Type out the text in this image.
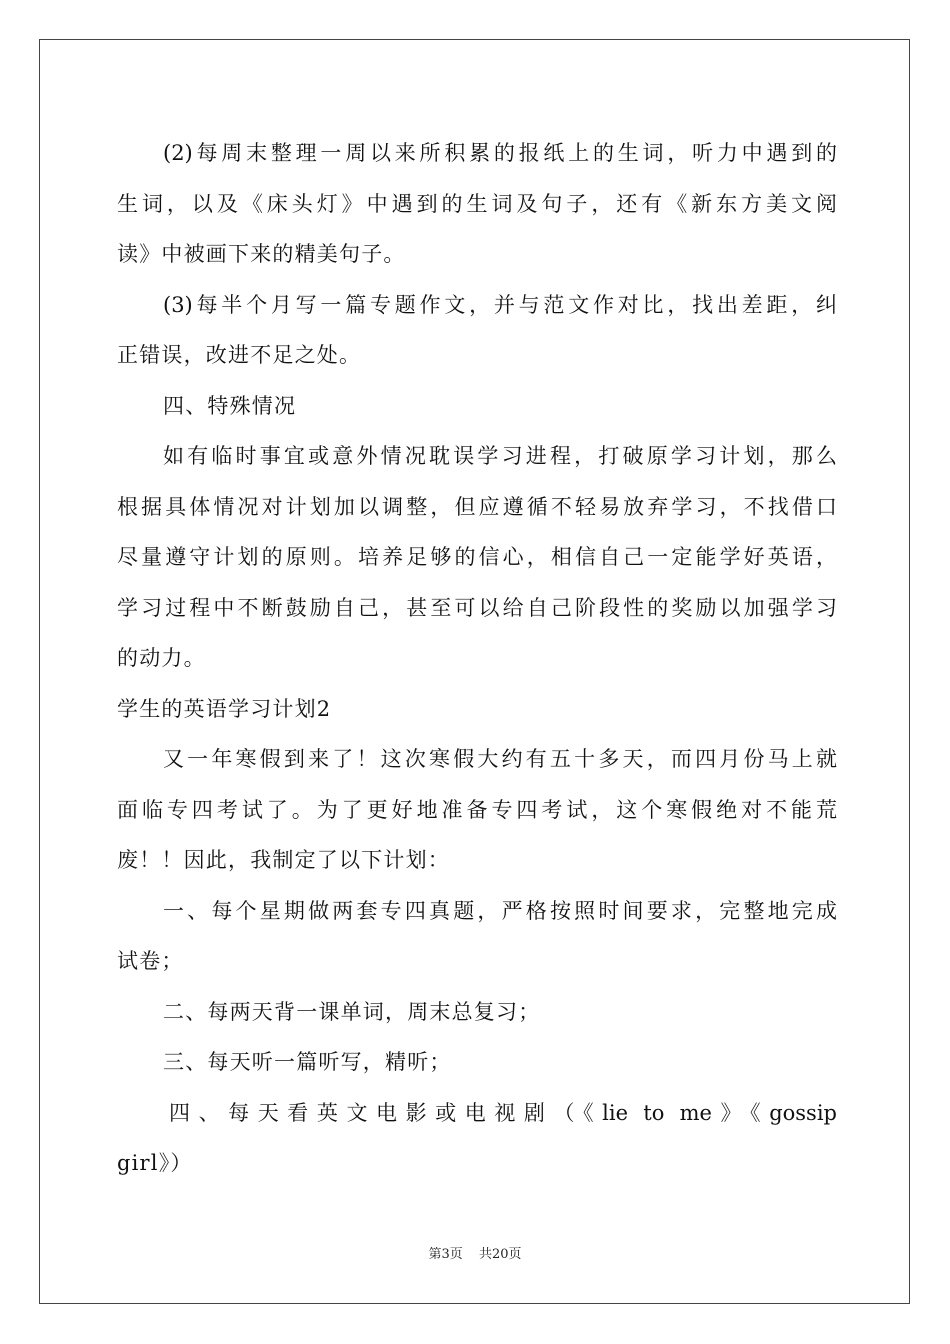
(2)每周末整理一周以来所积累的报纸上的生词，听力中遇到的
生词，以及《床头灯》中遇到的生词及句子，还有《新东方美文阅
读》中被画下来的精美句子。
(3)每半个月写一篇专题作文，并与范文作对比，找出差距，纠
正错误，改进不足之处。
四、特殊情况
如有临时事宜或意外情况耽误学习进程，打破原学习计划，那么
根据具体情况对计划加以调整，但应遵循不轻易放弃学习，不找借口
尽量遵守计划的原则。培养足够的信心，相信自己一定能学好英语，
学习过程中不断鼓励自己，甚至可以给自己阶段性的奖励以加强学习
的动力。
学生的英语学习计划2
又一年寒假到来了！这次寒假大约有五十多天，而四月份马上就
面临专四考试了。为了更好地准备专四考试，这个寒假绝对不能荒
废！！因此，我制定了以下计划：
一、每个星期做两套专四真题，严格按照时间要求，完整地完成
试卷；
二、每两天背一课单词，周末总复习；
三、每天听一篇听写，精听；
四、每天看英文电影或电视剧（《lie to me》《gossip
girl》）
第3页 共20页
